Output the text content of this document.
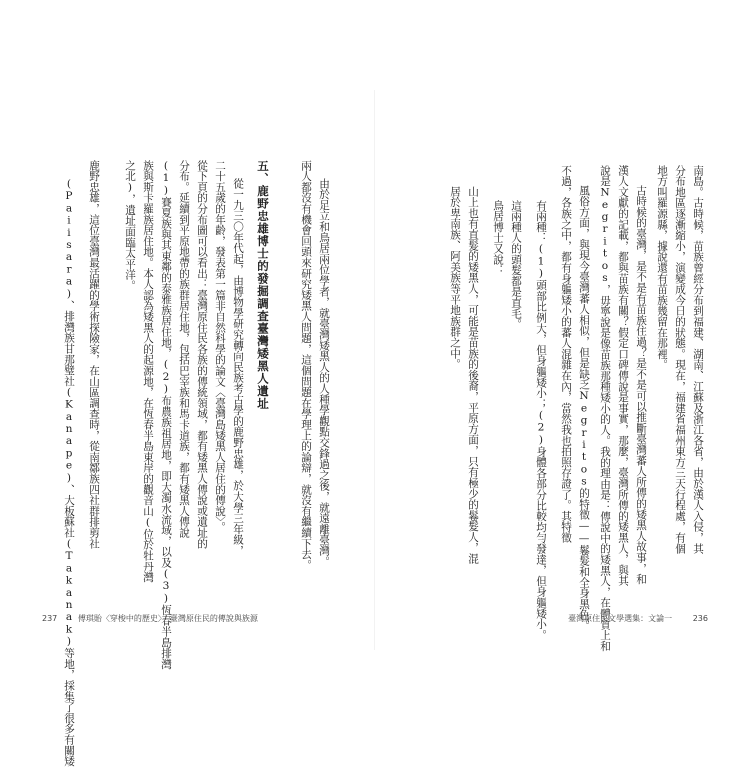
南島。古時候，苗族曾經分布到福建、湖南、江蘇及浙江各省，由於漢人入侵，其
分布地區逐漸縮小，演變成今日的狀態。現在，福建省福州東方三天行程處，有個
地方叫羅源縣，據說還有苗族幾留在那裡。
古時候的臺灣，是不是有苗族住過？是不是可以推斷臺灣蕃人所傳的矮黑人故事，和
漢人文獻的記載，都與苗族有關？假定口碑傳說是事實，那麼，臺灣所傳的矮黑人，與其
說是Negritos，毋寧說是像苗族那種矮小的人。我的理由是：傳說中的矮黑人，在體質上和
風俗方面，與現今臺灣蕃人相似，但是缺乏Negritos的特徵——鬈髮和全身黑色。
不過，各族之中，都有身軀矮小的蕃人混雜在內，當然我也拍照存證了。其特徵
有兩種：(1)頭部比例大，但身軀矮小；(2)身體各部分比較均勻發達，但身軀矮小。
這兩種人的頭髮都是直毛。
鳥居博士又說：
山上也有直髮的矮黑人，可能是苗族的後裔，平原方面，只有極少的鬈髮人，混
居於卑南族、阿美族等平地族群之中。
由於足立和鳥居兩位學者，就臺灣矮黑人的人種學觀點交鋒過之後，就遠離臺灣。
兩人都沒有機會回頭來研究矮黑人問題，這個問題在學理上的論辯，就沒有繼續下去。
五、鹿野忠雄博士的發掘調查臺灣矮黑人遺址
從一九三〇年代起，由博物學研究轉向民族考古學的鹿野忠雄，於大學三年級，
二十五歲的年齡，發表第一篇非自然科學的論文〈臺灣島矮黑人居住的傳說〉。
從下頁的分布圖可以看出：臺灣原住民各族的傳統領域，都有矮黑人傳說或遺址的
分布。延續到平原地帶的族群居住地，包括巴宰族和馬卡道族，都有矮黑人傳說
(1)賽夏族與其東鄰的泰雅族居住地，(2)布農族祖居地，即大濁水流域，以及(3)恆春半島排灣
族與斯卡羅族居住地。本人認為矮黑人的起源地，在恆春半島東岸的觀音山(位於牡丹灣
之北)，遺址面臨太平洋。
鹿野忠雄，這位臺灣最活躍的學術探險家，在山區調查時，從南鄒族四社群排剪社
(Paiisara)、排灣族甘那璧社(Kanape)、大板蘇社(Takanak)等地，採集了很多有關矮
237	傅琪貽〈穿梭中的歷史〉　臺灣原住民的傳說與族源	臺灣原住民文學選集：文論一	236
